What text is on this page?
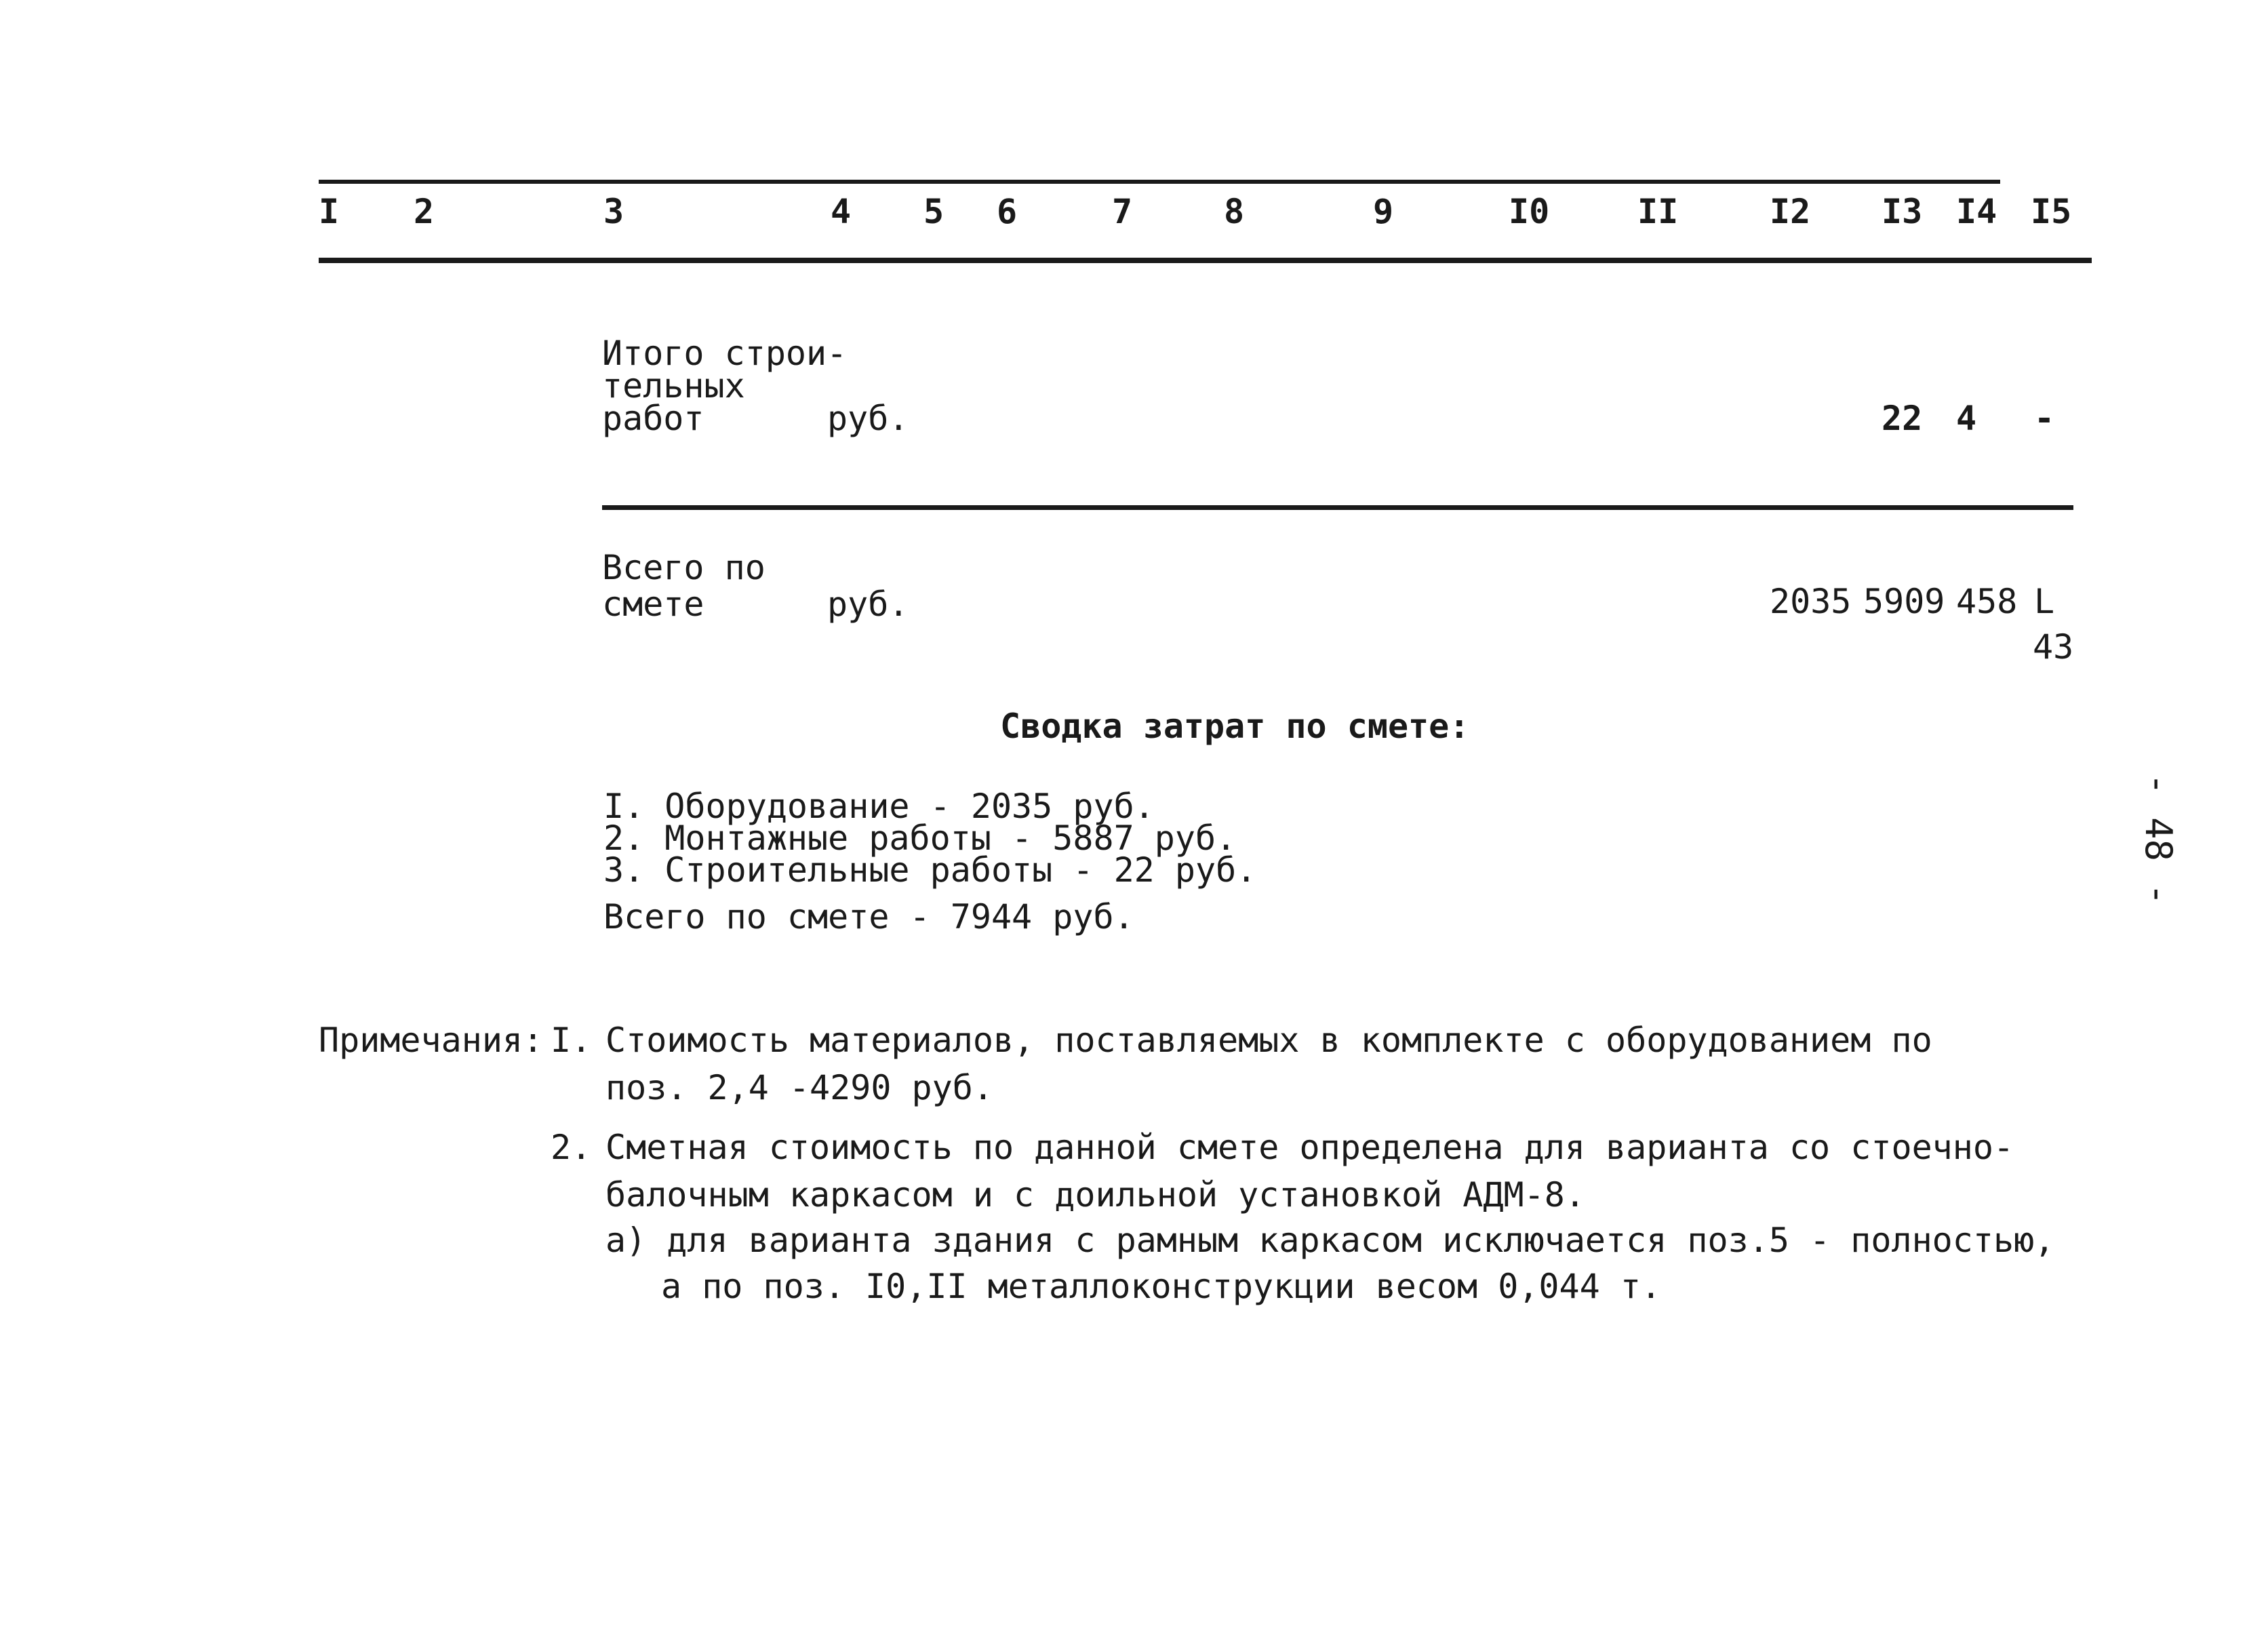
I 2	3	4 5 6	7	8	9	I0	II	I2 I3 I4 I5
Итого строи-
тельных
работ	руб.	22 4 -
Всего по
смете	руб.	2035 5909 458 L
43
Сводка затрат по смете:
I. Оборудование - 2035 руб.
2. Монтажные работы - 5887 руб.
3. Строительные работы - 22 руб.
Всего по смете - 7944 руб.
Примечания: I. Стоимость материалов, поставляемых в комплекте с оборудованием по
поз. 2,4 -4290 руб.
2. Сметная стоимость по данной смете определена для варианта со стоечно-
балочным каркасом и с доильной установкой АДМ-8.
а) для варианта здания с рамным каркасом исключается поз.5 - полностью,
а по поз. I0,II металлоконструкции весом 0,044 т.
- 48 -
